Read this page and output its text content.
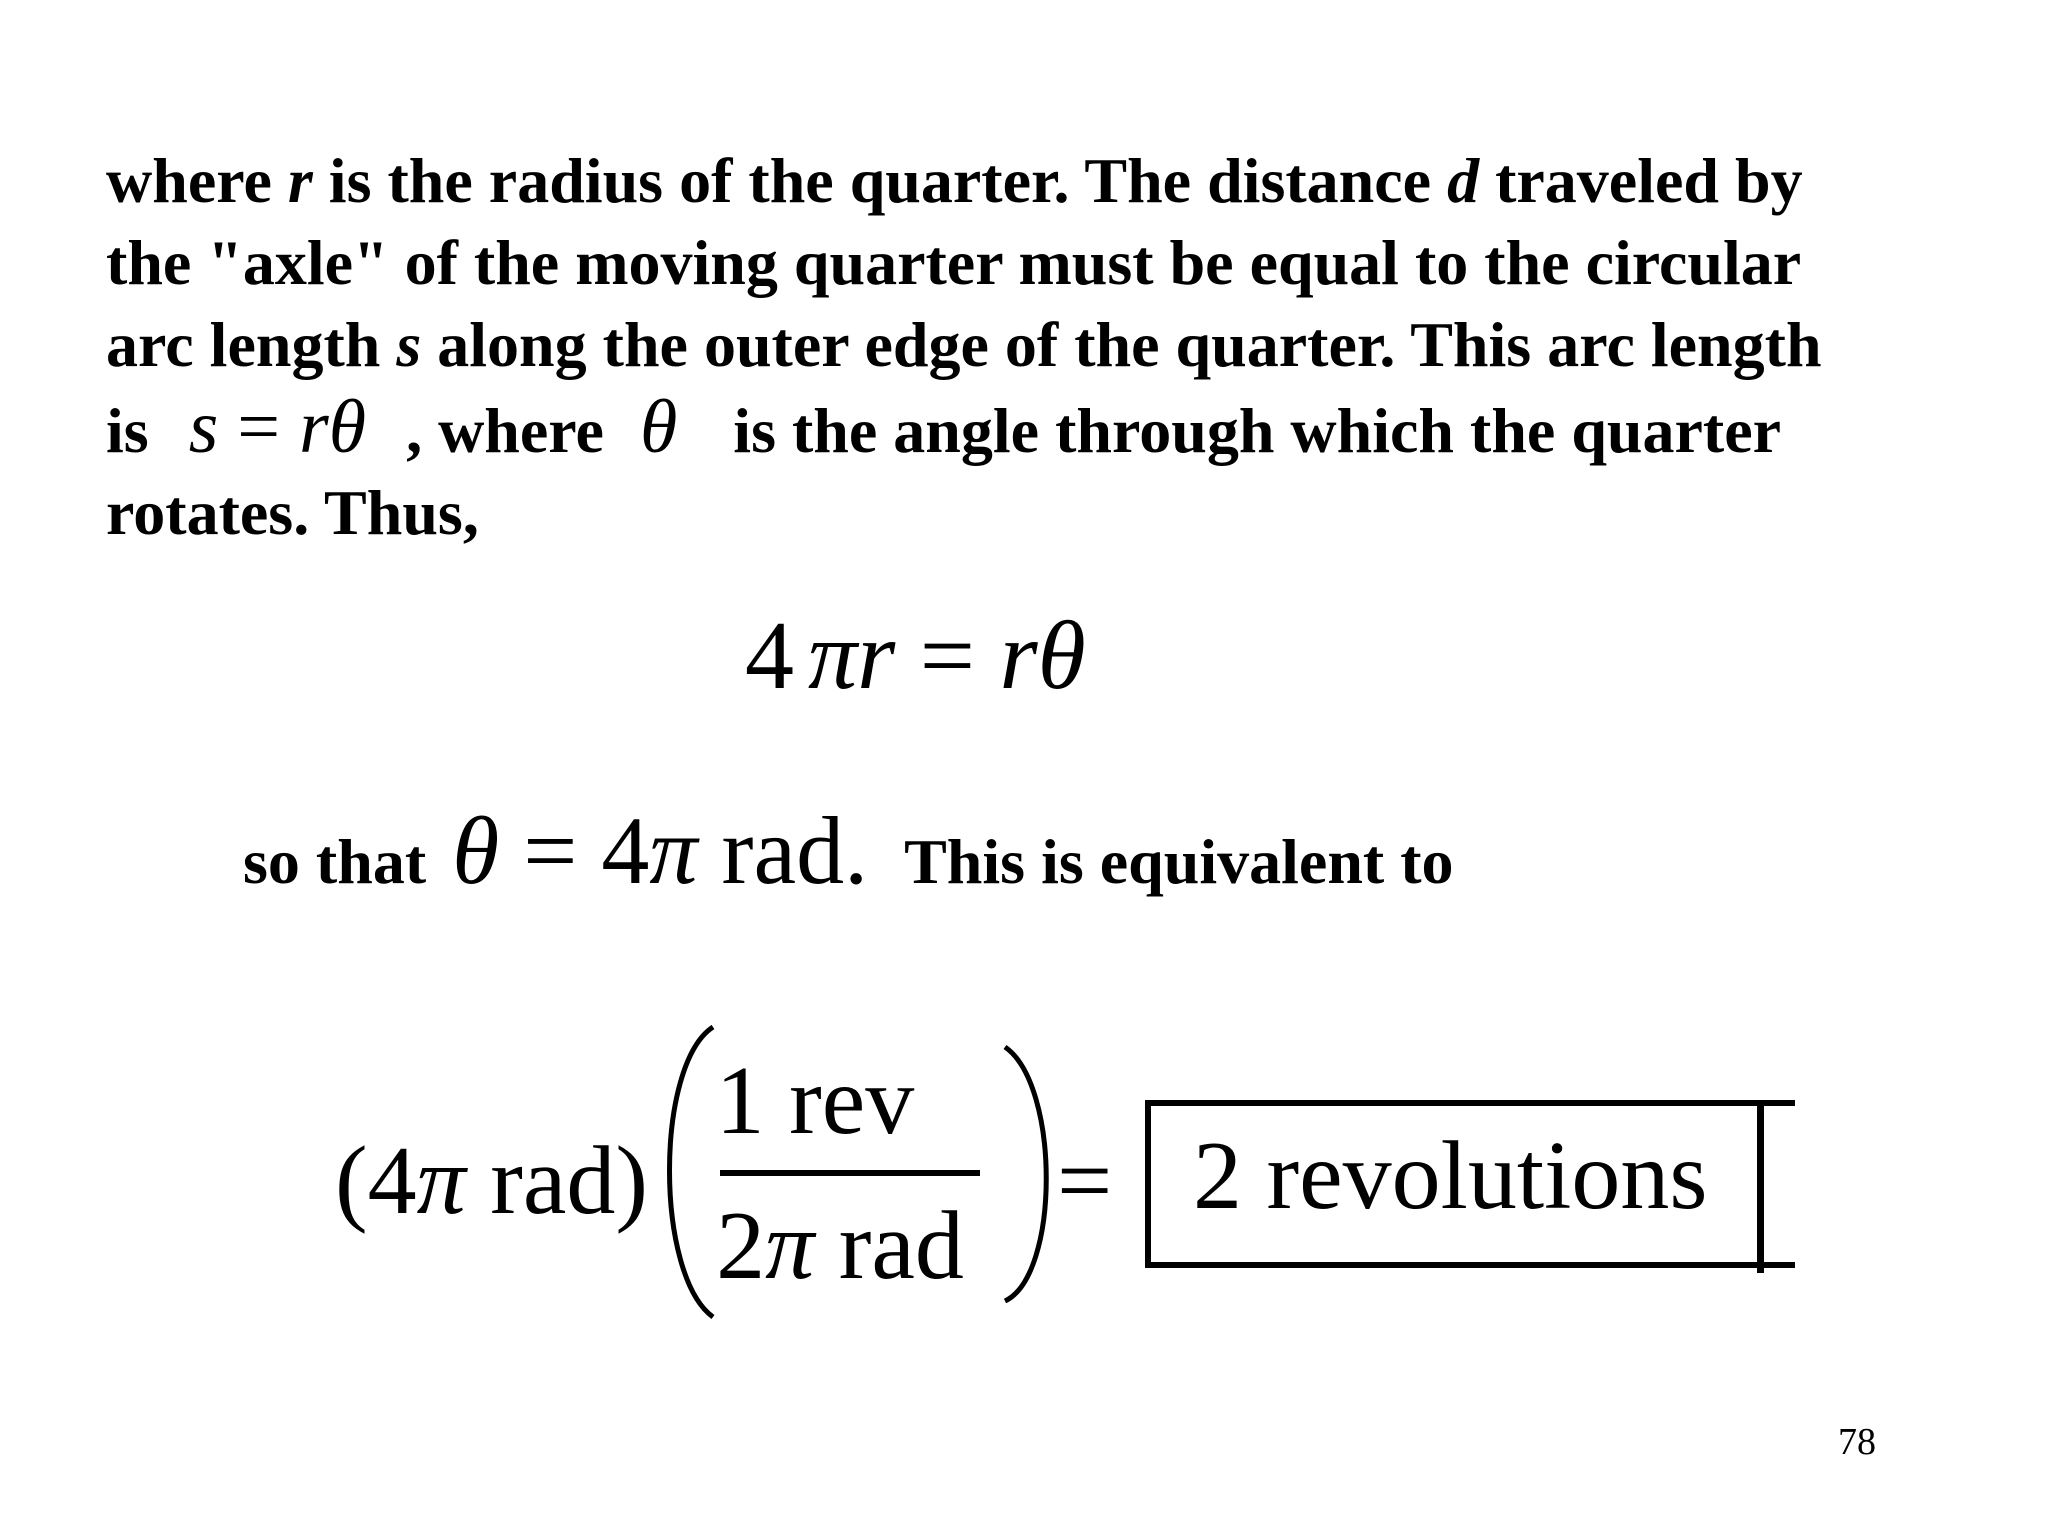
where r is the radius of the quarter. The distance d traveled by
the "axle" of the moving quarter must be equal to the circular
arc length s along the outer edge of the quarter. This arc length
is s = rθ , where θ is the angle through which the quarter
rotates. Thus,
4 πr = rθ
so that θ = 4π rad. This is equivalent to
(4π rad)
1 rev
2π rad
= 2 revolutions
78
